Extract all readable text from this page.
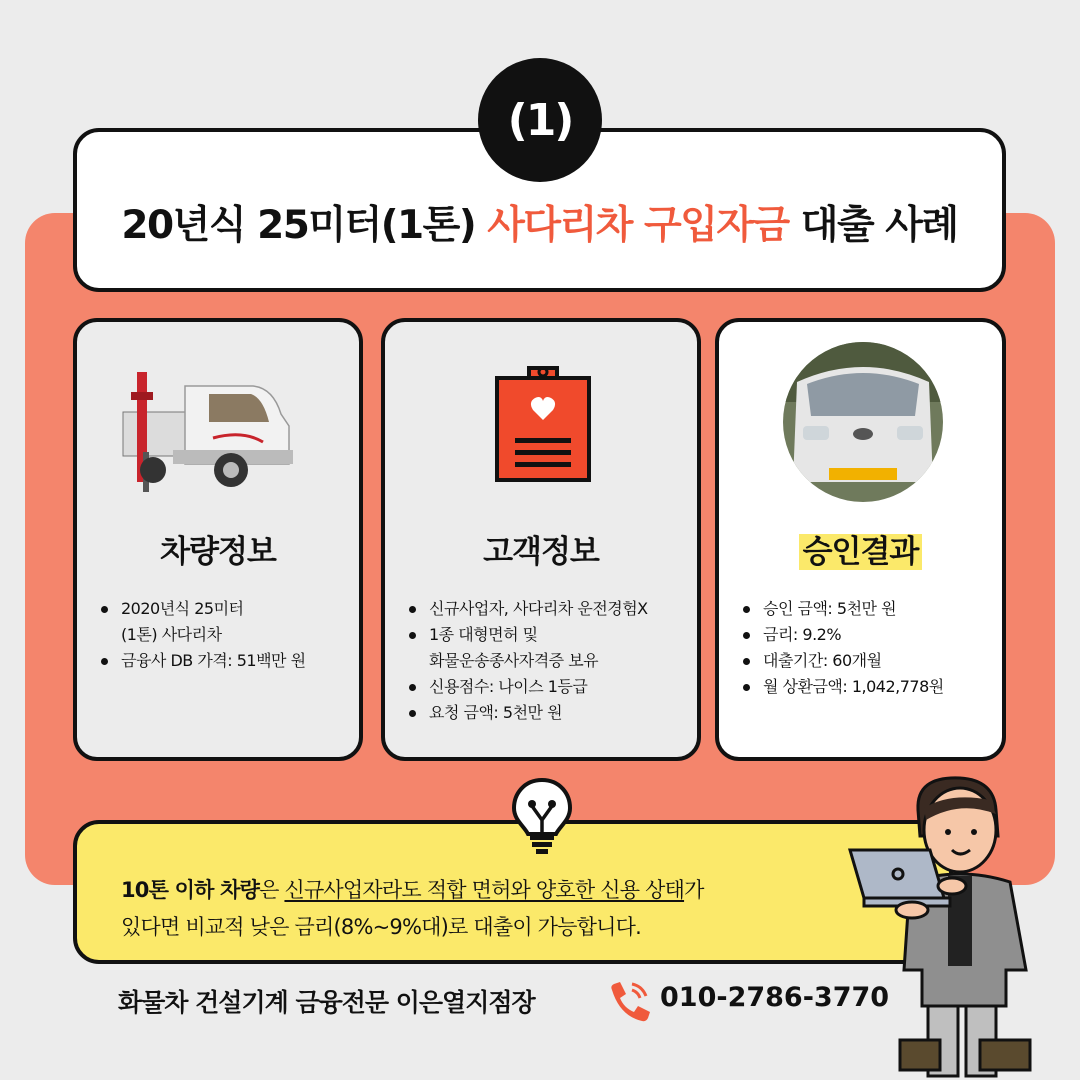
20년식 25미터(1톤) 사다리차 구입자금 대출 사례
(1)
차량정보
2020년식 25미터
(1톤) 사다리차
금융사 DB 가격: 51백만 원
고객정보
신규사업자, 사다리차 운전경험X
1종 대형면허 및
화물운송종사자격증 보유
신용점수: 나이스 1등급
요청 금액: 5천만 원
승인결과
승인 금액: 5천만 원
금리: 9.2%
대출기간: 60개월
월 상환금액: 1,042,778원
10톤 이하 차량은 신규사업자라도 적합 면허와 양호한 신용 상태가
있다면 비교적 낮은 금리(8%~9%대)로 대출이 가능합니다.
화물차 건설기계 금융전문 이은열지점장	010-2786-3770
